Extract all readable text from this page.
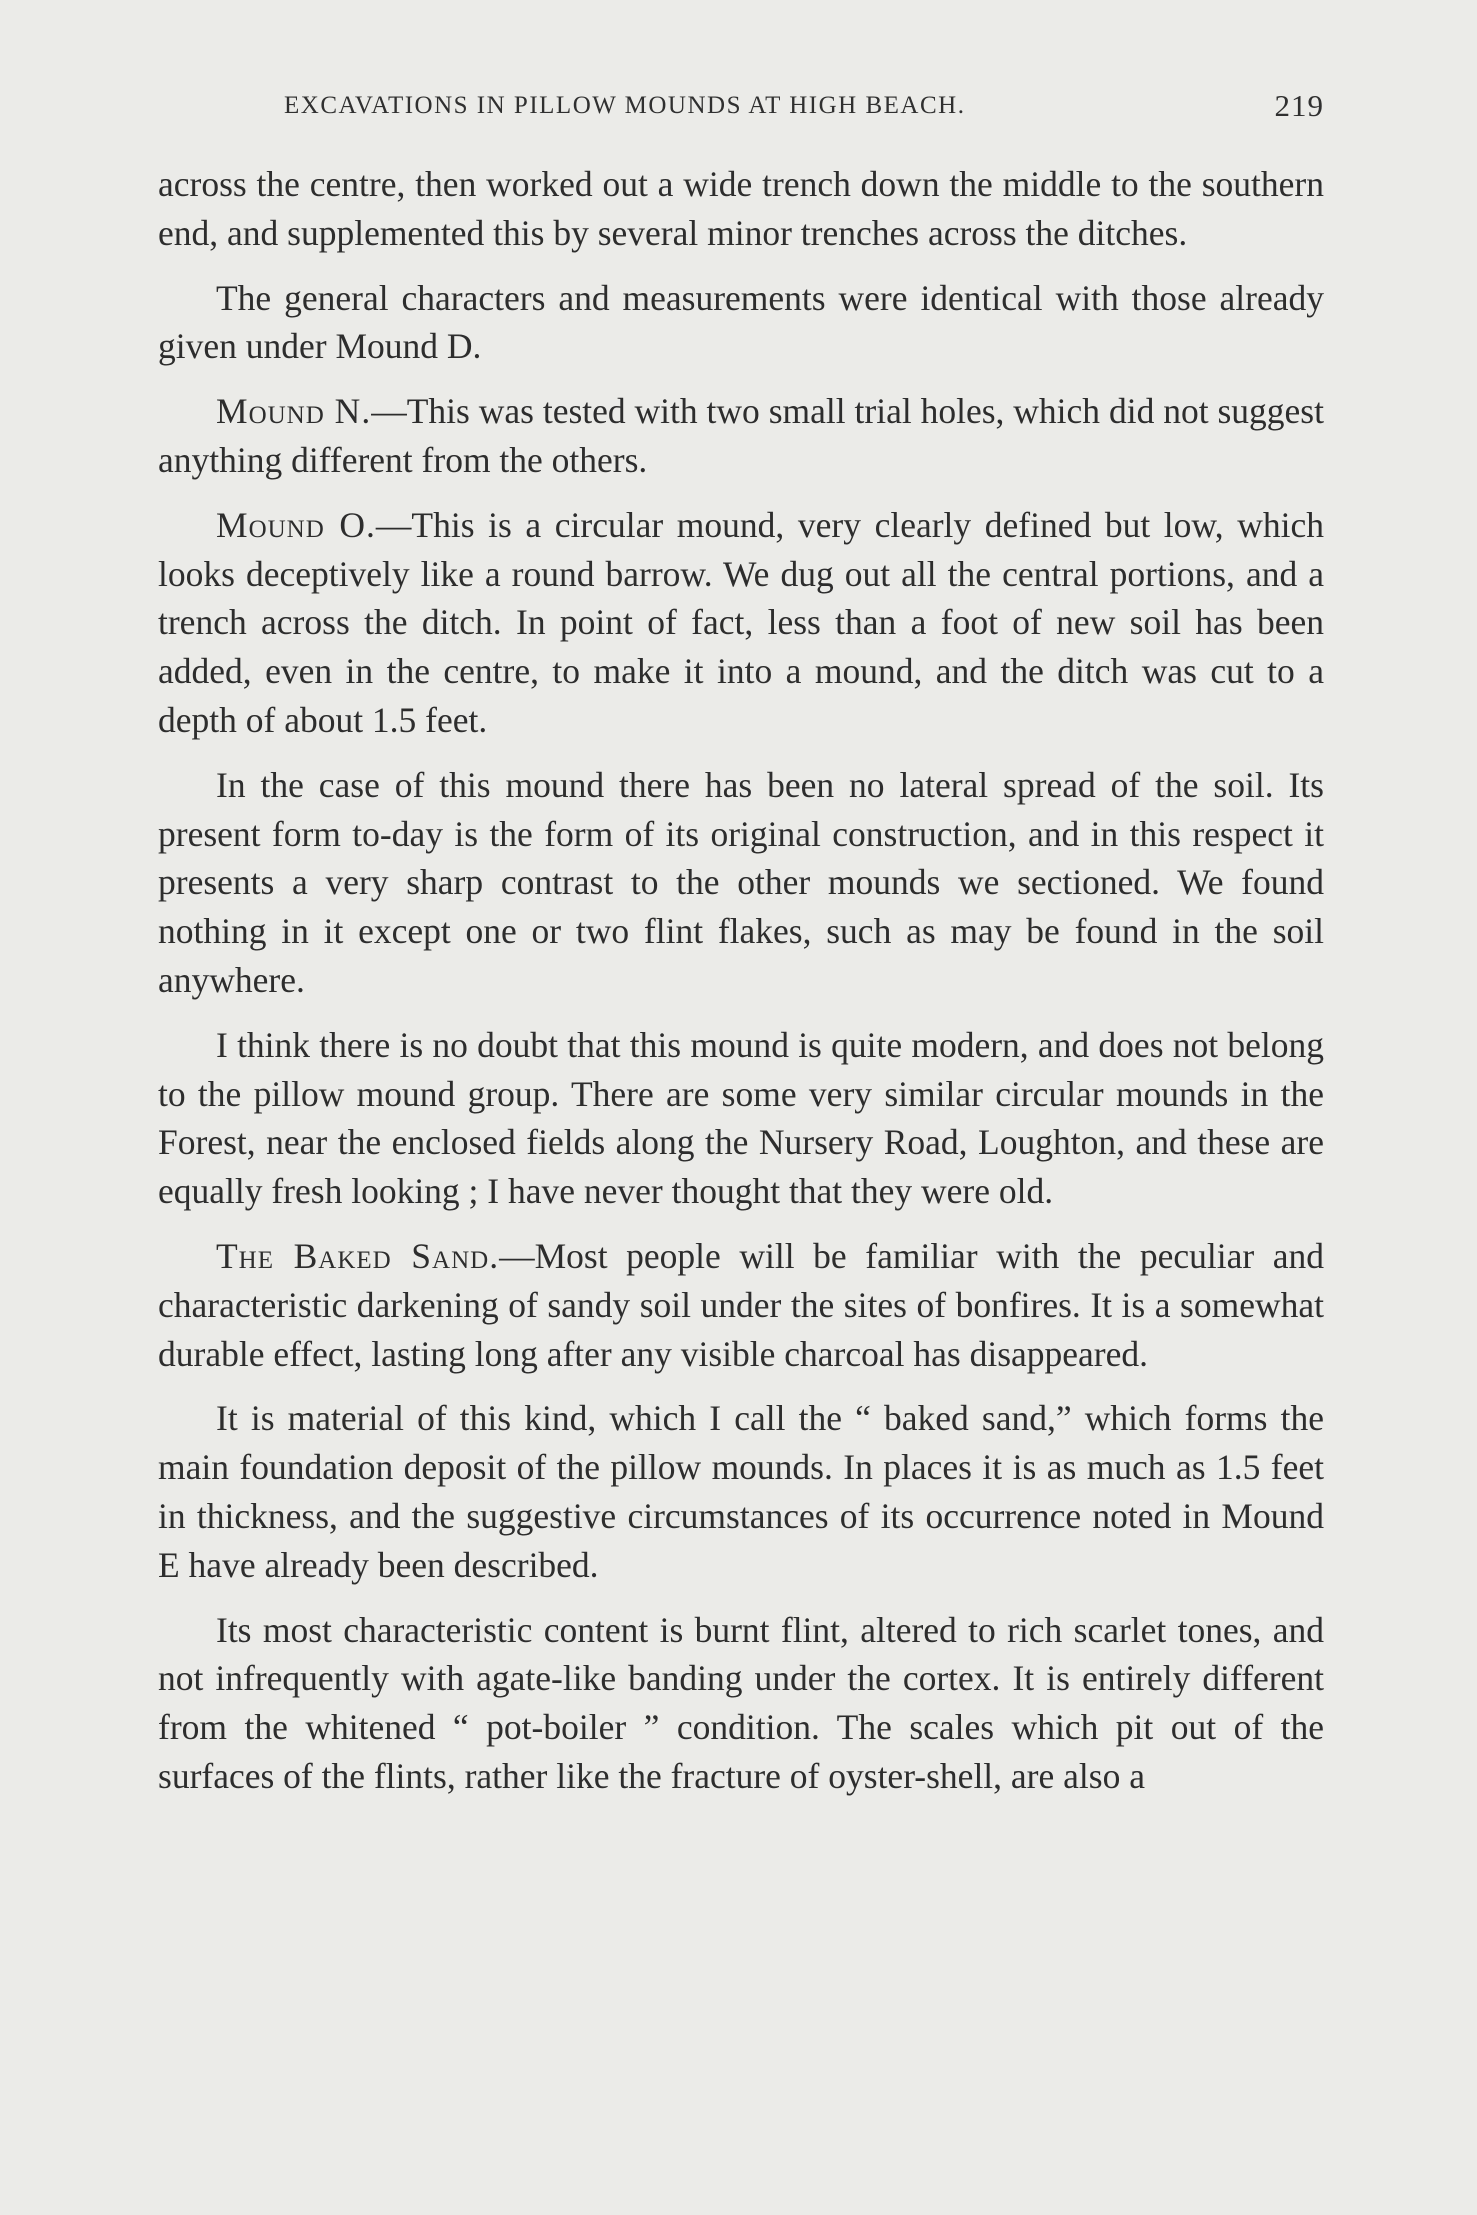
EXCAVATIONS IN PILLOW MOUNDS AT HIGH BEACH.	219

across the centre, then worked out a wide trench down the middle to the southern end, and supplemented this by several minor trenches across the ditches.

The general characters and measurements were identical with those already given under Mound D.

Mound N.—This was tested with two small trial holes, which did not suggest anything different from the others.

Mound O.—This is a circular mound, very clearly defined but low, which looks deceptively like a round barrow. We dug out all the central portions, and a trench across the ditch. In point of fact, less than a foot of new soil has been added, even in the centre, to make it into a mound, and the ditch was cut to a depth of about 1.5 feet.

In the case of this mound there has been no lateral spread of the soil. Its present form to-day is the form of its original construction, and in this respect it presents a very sharp contrast to the other mounds we sectioned. We found nothing in it except one or two flint flakes, such as may be found in the soil anywhere.

I think there is no doubt that this mound is quite modern, and does not belong to the pillow mound group. There are some very similar circular mounds in the Forest, near the enclosed fields along the Nursery Road, Loughton, and these are equally fresh looking ; I have never thought that they were old.

The Baked Sand.—Most people will be familiar with the peculiar and characteristic darkening of sandy soil under the sites of bonfires. It is a somewhat durable effect, lasting long after any visible charcoal has disappeared.

It is material of this kind, which I call the “ baked sand,” which forms the main foundation deposit of the pillow mounds. In places it is as much as 1.5 feet in thickness, and the suggestive circumstances of its occurrence noted in Mound E have already been described.

Its most characteristic content is burnt flint, altered to rich scarlet tones, and not infrequently with agate-like banding under the cortex. It is entirely different from the whitened “ pot-boiler ” condition. The scales which pit out of the surfaces of the flints, rather like the fracture of oyster-shell, are also a
